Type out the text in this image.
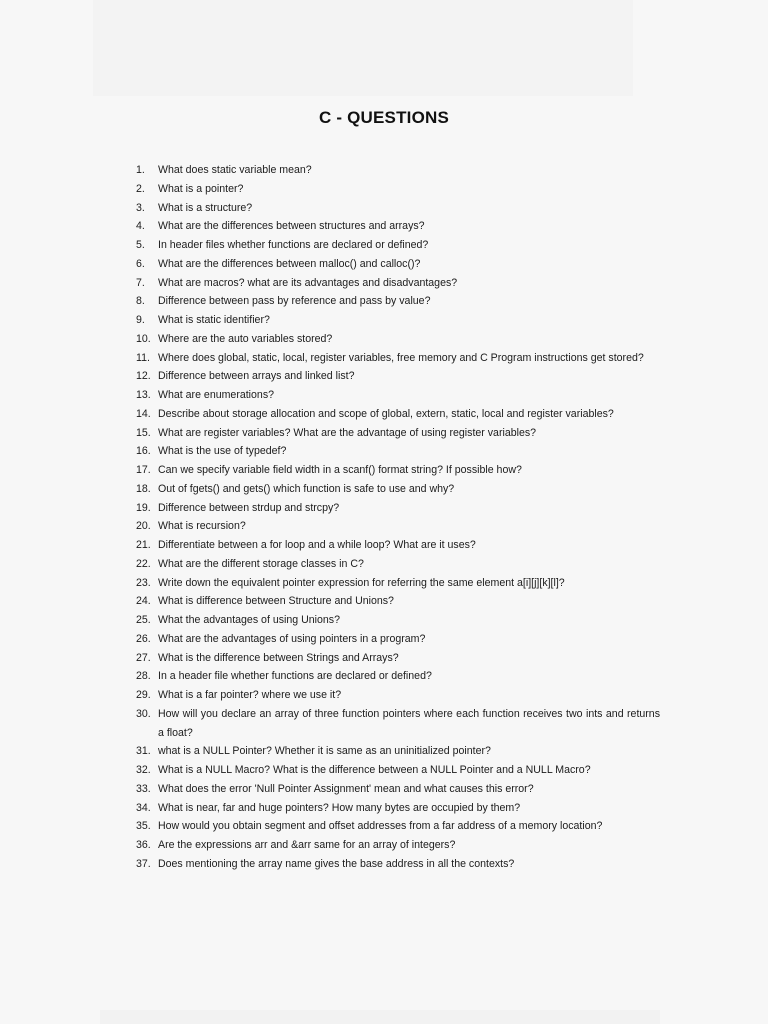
C - QUESTIONS
1.	What does static variable mean?
2.	What is a pointer?
3.	What is a structure?
4.	What are the differences between structures and arrays?
5.	In header files whether functions are declared or defined?
6.	What are the differences between malloc() and calloc()?
7.	What are macros? what are its advantages and disadvantages?
8.	Difference between pass by reference and pass by value?
9.	What is static identifier?
10. Where are the auto variables stored?
11. Where does global, static, local, register variables, free memory and C Program instructions get stored?
12. Difference between arrays and linked list?
13. What are enumerations?
14. Describe about storage allocation and scope of global, extern, static, local and register variables?
15. What are register variables? What are the advantage of using register variables?
16. What is the use of typedef?
17. Can we specify variable field width in a scanf() format string? If possible how?
18. Out of fgets() and gets() which function is safe to use and why?
19. Difference between strdup and strcpy?
20. What is recursion?
21. Differentiate between a for loop and a while loop? What are it uses?
22. What are the different storage classes in C?
23. Write down the equivalent pointer expression for referring the same element a[i][j][k][l]?
24. What is difference between Structure and Unions?
25. What the advantages of using Unions?
26. What are the advantages of using pointers in a program?
27. What is the difference between Strings and Arrays?
28. In a header file whether functions are declared or defined?
29. What is a far pointer? where we use it?
30. How will you declare an array of three function pointers where each function receives two ints and returns a float?
31. what is a NULL Pointer? Whether it is same as an uninitialized pointer?
32. What is a NULL Macro? What is the difference between a NULL Pointer and a NULL Macro?
33. What does the error 'Null Pointer Assignment' mean and what causes this error?
34. What is near, far and huge pointers? How many bytes are occupied by them?
35. How would you obtain segment and offset addresses from a far address of a memory location?
36. Are the expressions arr and &arr same for an array of integers?
37. Does mentioning the array name gives the base address in all the contexts?
